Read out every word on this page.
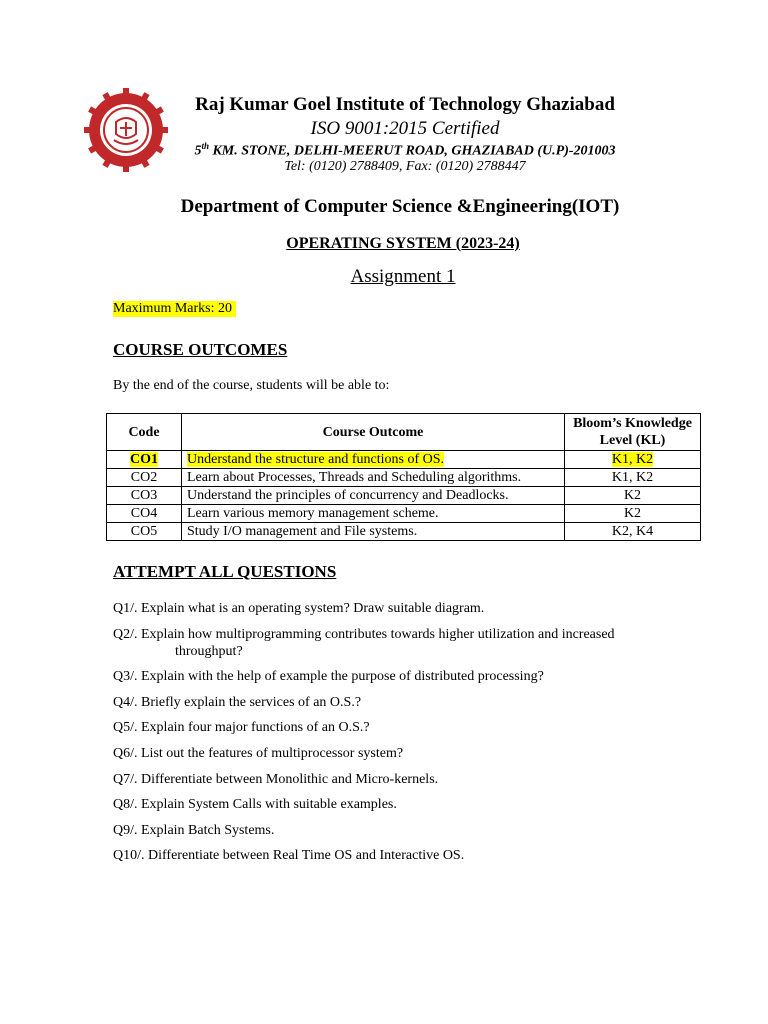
Raj Kumar Goel Institute of Technology Ghaziabad
ISO 9001:2015 Certified
5th KM. STONE, DELHI-MEERUT ROAD, GHAZIABAD (U.P)-201003
Tel: (0120) 2788409, Fax: (0120) 2788447
Department of Computer Science &Engineering(IOT)
OPERATING SYSTEM (2023-24)
Assignment 1
Maximum Marks: 20
COURSE OUTCOMES
By the end of the course, students will be able to:
Code	Course Outcome	Bloom’s Knowledge Level (KL)
CO1	Understand the structure and functions of OS.	K1, K2
CO2	Learn about Processes, Threads and Scheduling algorithms.	K1, K2
CO3	Understand the principles of concurrency and Deadlocks.	K2
CO4	Learn various memory management scheme.	K2
CO5	Study I/O management and File systems.	K2, K4
ATTEMPT ALL QUESTIONS
Q1/. Explain what is an operating system? Draw suitable diagram.
Q2/. Explain how multiprogramming contributes towards higher utilization and increased
throughput?
Q3/. Explain with the help of example the purpose of distributed processing?
Q4/. Briefly explain the services of an O.S.?
Q5/. Explain four major functions of an O.S.?
Q6/. List out the features of multiprocessor system?
Q7/. Differentiate between Monolithic and Micro-kernels.
Q8/. Explain System Calls with suitable examples.
Q9/. Explain Batch Systems.
Q10/. Differentiate between Real Time OS and Interactive OS.
